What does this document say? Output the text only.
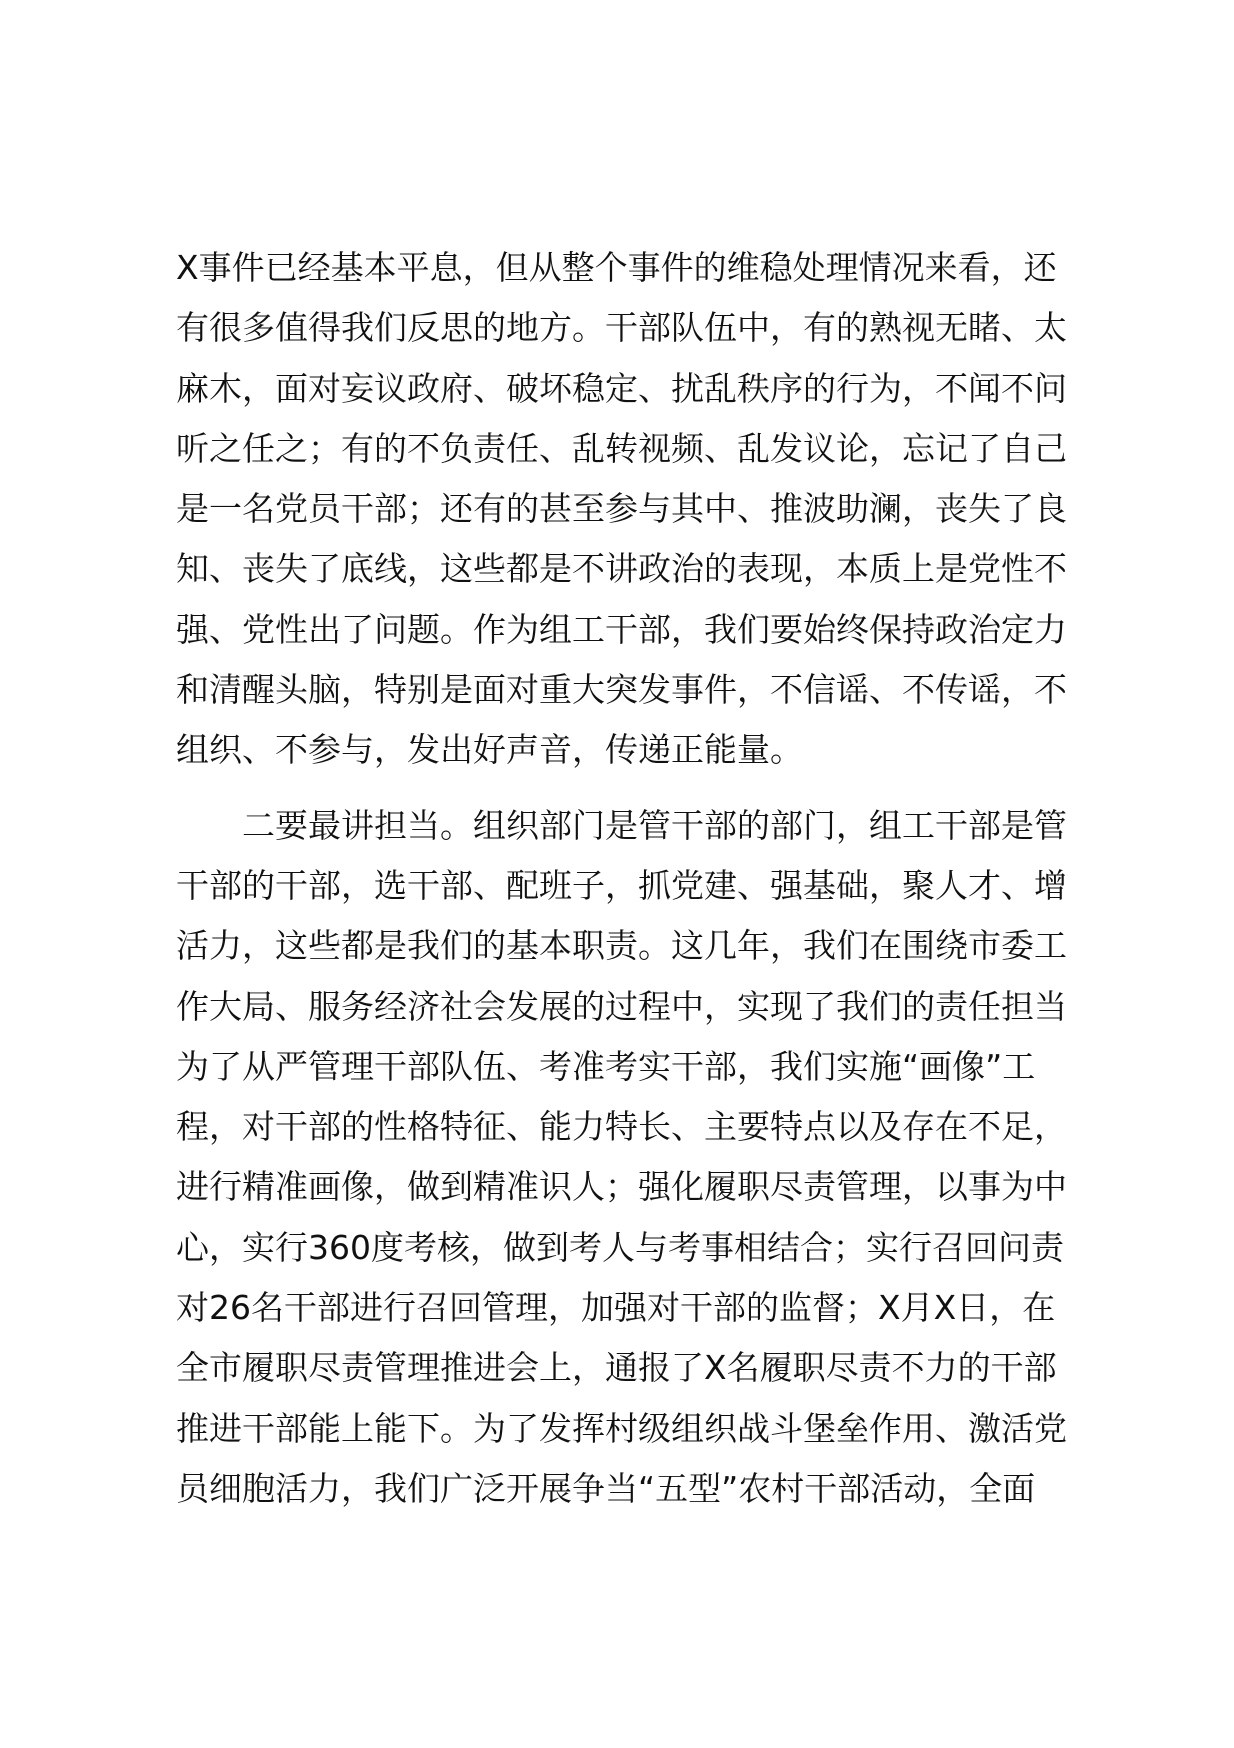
X事件已经基本平息，但从整个事件的维稳处理情况来看，还
有很多值得我们反思的地方。干部队伍中，有的熟视无睹、太
麻木，面对妄议政府、破坏稳定、扰乱秩序的行为，不闻不问
听之任之；有的不负责任、乱转视频、乱发议论，忘记了自己
是一名党员干部；还有的甚至参与其中、推波助澜，丧失了良
知、丧失了底线，这些都是不讲政治的表现，本质上是党性不
强、党性出了问题。作为组工干部，我们要始终保持政治定力
和清醒头脑，特别是面对重大突发事件，不信谣、不传谣，不
组织、不参与，发出好声音，传递正能量。
二要最讲担当。组织部门是管干部的部门，组工干部是管
干部的干部，选干部、配班子，抓党建、强基础，聚人才、增
活力，这些都是我们的基本职责。这几年，我们在围绕市委工
作大局、服务经济社会发展的过程中，实现了我们的责任担当
为了从严管理干部队伍、考准考实干部，我们实施“画像”工
程，对干部的性格特征、能力特长、主要特点以及存在不足，
进行精准画像，做到精准识人；强化履职尽责管理，以事为中
心，实行360度考核，做到考人与考事相结合；实行召回问责
对26名干部进行召回管理，加强对干部的监督；X月X日，在
全市履职尽责管理推进会上，通报了X名履职尽责不力的干部
推进干部能上能下。为了发挥村级组织战斗堡垒作用、激活党
员细胞活力，我们广泛开展争当“五型”农村干部活动，全面
